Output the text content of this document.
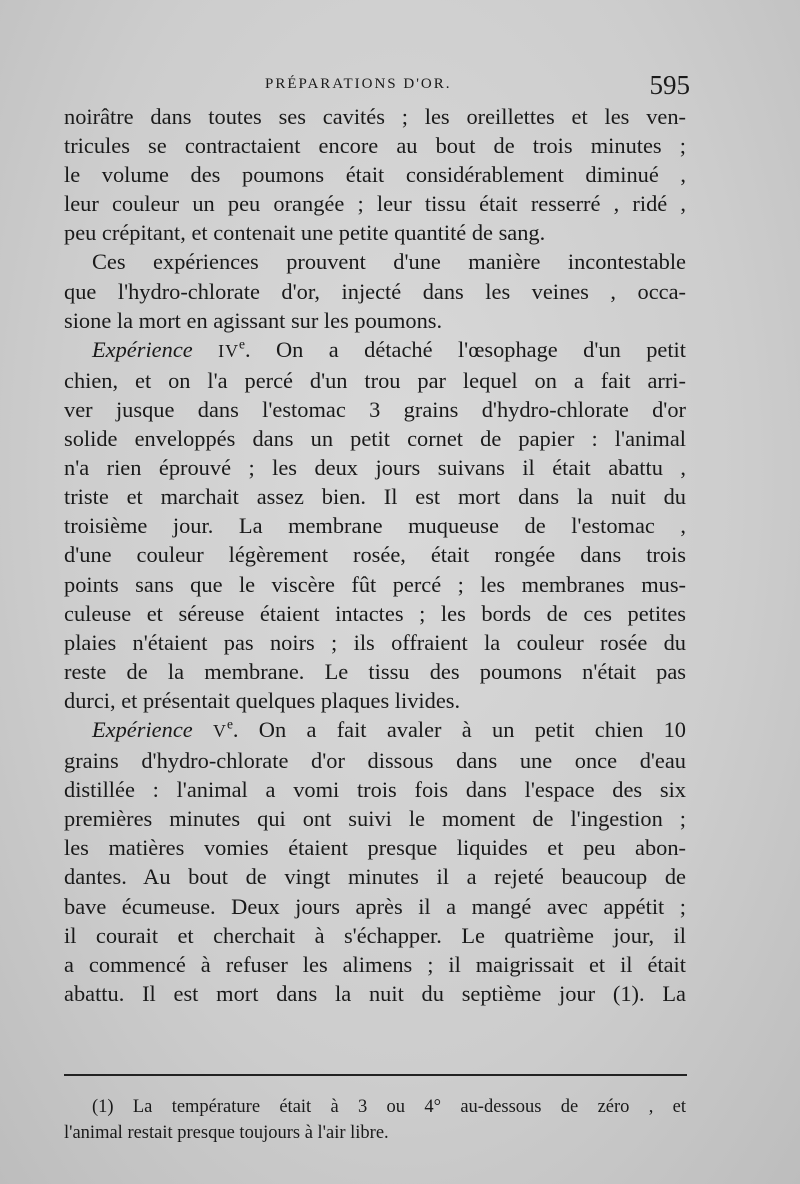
PRÉPARATIONS D'OR.	595
noirâtre dans toutes ses cavités ; les oreillettes et les ven-
tricules se contractaient encore au bout de trois minutes ;
le volume des poumons était considérablement diminué ,
leur couleur un peu orangée ; leur tissu était resserré , ridé ,
peu crépitant, et contenait une petite quantité de sang.
Ces expériences prouvent d'une manière incontestable
que l'hydro-chlorate d'or, injecté dans les veines , occa-
sione la mort en agissant sur les poumons.
Expérience IVe. On a détaché l'œsophage d'un petit
chien, et on l'a percé d'un trou par lequel on a fait arri-
ver jusque dans l'estomac 3 grains d'hydro-chlorate d'or
solide enveloppés dans un petit cornet de papier : l'animal
n'a rien éprouvé ; les deux jours suivans il était abattu ,
triste et marchait assez bien. Il est mort dans la nuit du
troisième jour. La membrane muqueuse de l'estomac ,
d'une couleur légèrement rosée, était rongée dans trois
points sans que le viscère fût percé ; les membranes mus-
culeuse et séreuse étaient intactes ; les bords de ces petites
plaies n'étaient pas noirs ; ils offraient la couleur rosée du
reste de la membrane. Le tissu des poumons n'était pas
durci, et présentait quelques plaques livides.
Expérience Ve. On a fait avaler à un petit chien 10
grains d'hydro-chlorate d'or dissous dans une once d'eau
distillée : l'animal a vomi trois fois dans l'espace des six
premières minutes qui ont suivi le moment de l'ingestion ;
les matières vomies étaient presque liquides et peu abon-
dantes. Au bout de vingt minutes il a rejeté beaucoup de
bave écumeuse. Deux jours après il a mangé avec appétit ;
il courait et cherchait à s'échapper. Le quatrième jour, il
a commencé à refuser les alimens ; il maigrissait et il était
abattu. Il est mort dans la nuit du septième jour (1). La
(1) La température était à 3 ou 4° au-dessous de zéro , et
l'animal restait presque toujours à l'air libre.
